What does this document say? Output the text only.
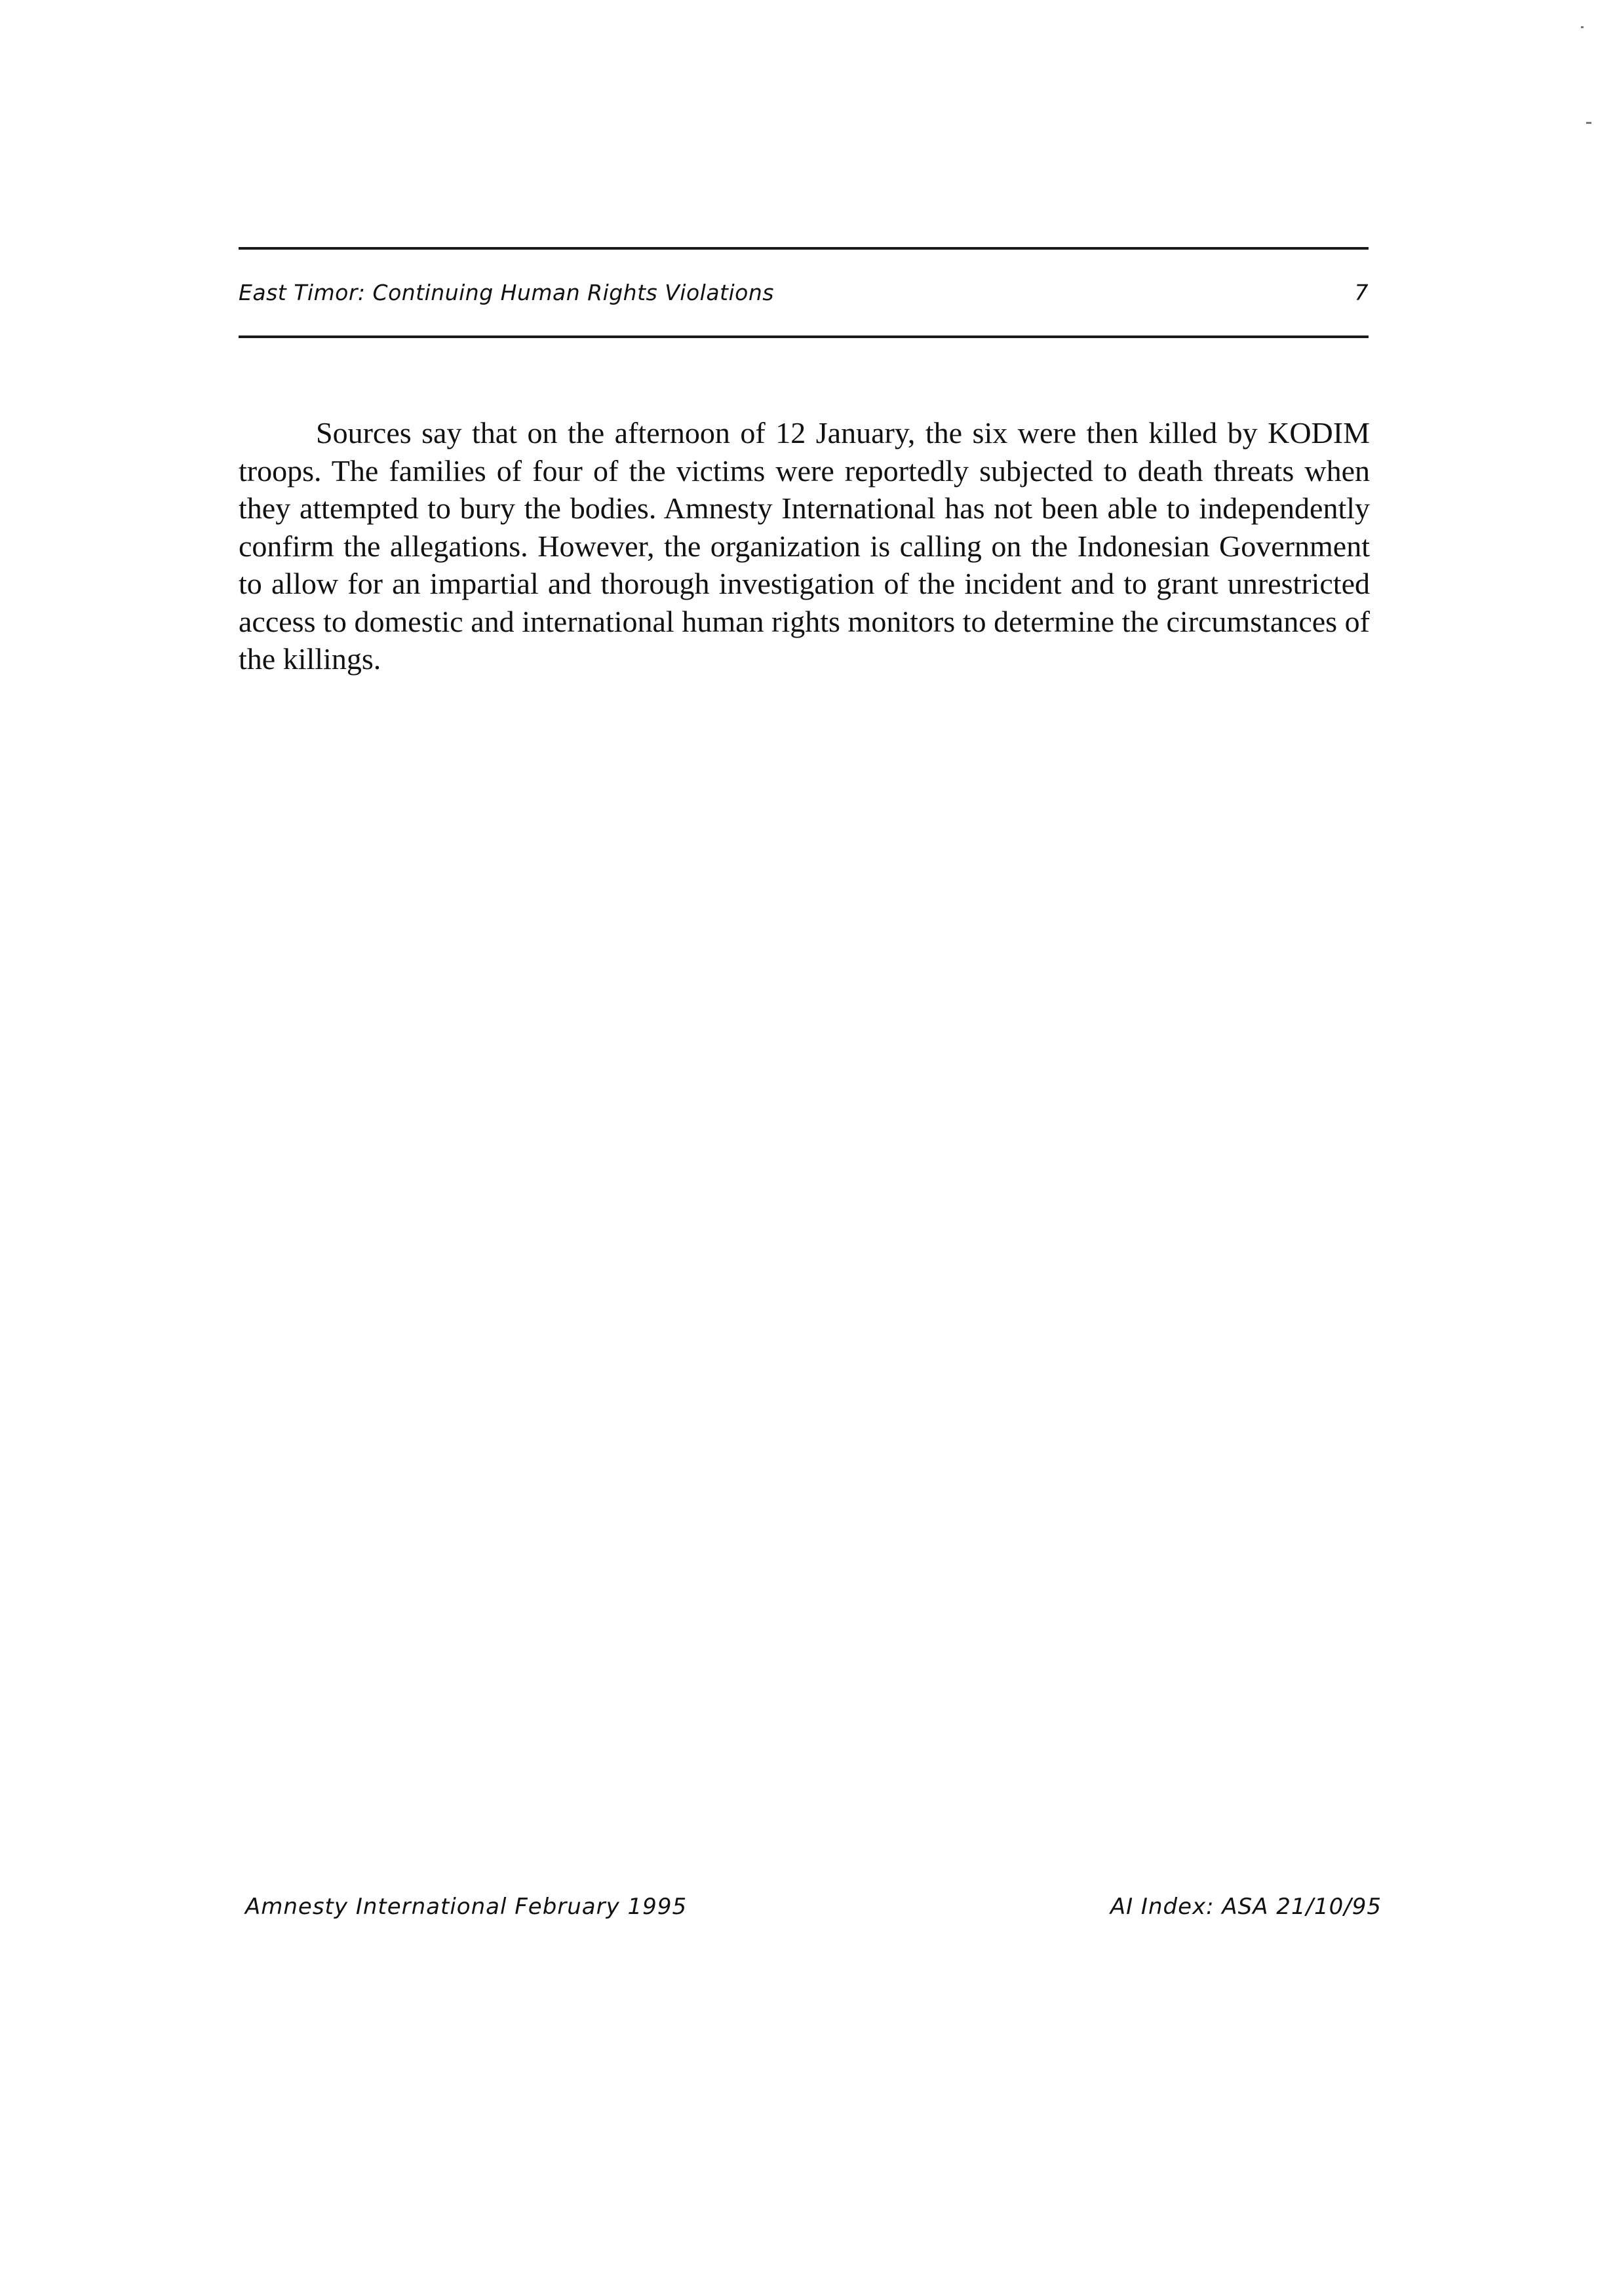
East Timor: Continuing Human Rights Violations	7

Sources say that on the afternoon of 12 January, the six were then killed by KODIM troops. The families of four of the victims were reportedly subjected to death threats when they attempted to bury the bodies. Amnesty International has not been able to independently confirm the allegations. However, the organization is calling on the Indonesian Government to allow for an impartial and thorough investigation of the incident and to grant unrestricted access to domestic and international human rights monitors to determine the circumstances of the killings.

Amnesty International February 1995	AI Index: ASA 21/10/95
